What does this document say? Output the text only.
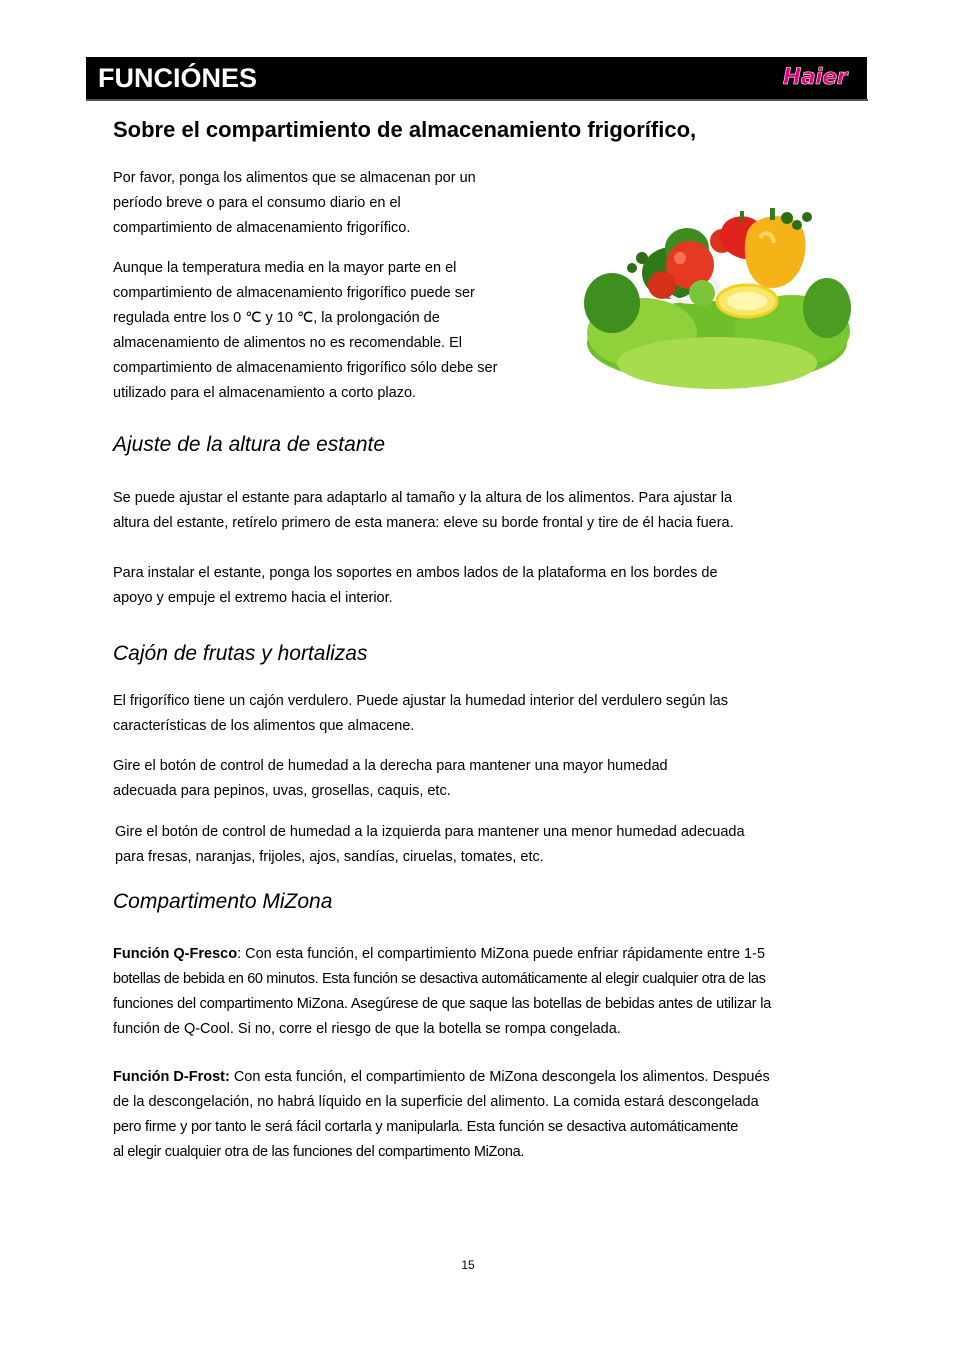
FUNCIÓNES	Haier
Sobre el compartimiento de almacenamiento frigorífico,

Por favor, ponga los alimentos que se almacenan por un
período breve o para el consumo diario en el
compartimiento de almacenamiento frigorífico.

Aunque la temperatura media en la mayor parte en el
compartimiento de almacenamiento frigorífico puede ser
regulada entre los 0 ℃ y 10 ℃, la prolongación de
almacenamiento de alimentos no es recomendable. El
compartimiento de almacenamiento frigorífico sólo debe ser
utilizado para el almacenamiento a corto plazo.

Ajuste de la altura de estante

Se puede ajustar el estante para adaptarlo al tamaño y la altura de los alimentos. Para ajustar la
altura del estante, retírelo primero de esta manera: eleve su borde frontal y tire de él hacia fuera.

Para instalar el estante, ponga los soportes en ambos lados de la plataforma en los bordes de
apoyo y empuje el extremo hacia el interior.

Cajón de frutas y hortalizas

El frigorífico tiene un cajón verdulero. Puede ajustar la humedad interior del verdulero según las
características de los alimentos que almacene.

Gire el botón de control de humedad a la derecha para mantener una mayor humedad
adecuada para pepinos, uvas, grosellas, caquis, etc.

Gire el botón de control de humedad a la izquierda para mantener una menor humedad adecuada
para fresas, naranjas, frijoles, ajos, sandías, ciruelas, tomates, etc.

Compartimento MiZona

Función Q-Fresco: Con esta función, el compartimiento MiZona puede enfriar rápidamente entre 1-5
botellas de bebida en 60 minutos. Esta función se desactiva automáticamente al elegir cualquier otra de las
funciones del compartimento MiZona. Asegúrese de que saque las botellas de bebidas antes de utilizar la
función de Q-Cool. Si no, corre el riesgo de que la botella se rompa congelada.

Función D-Frost: Con esta función, el compartimiento de MiZona descongela los alimentos. Después
de la descongelación, no habrá líquido en la superficie del alimento. La comida estará descongelada
pero firme y por tanto le será fácil cortarla y manipularla. Esta función se desactiva automáticamente
al elegir cualquier otra de las funciones del compartimento MiZona.

15
